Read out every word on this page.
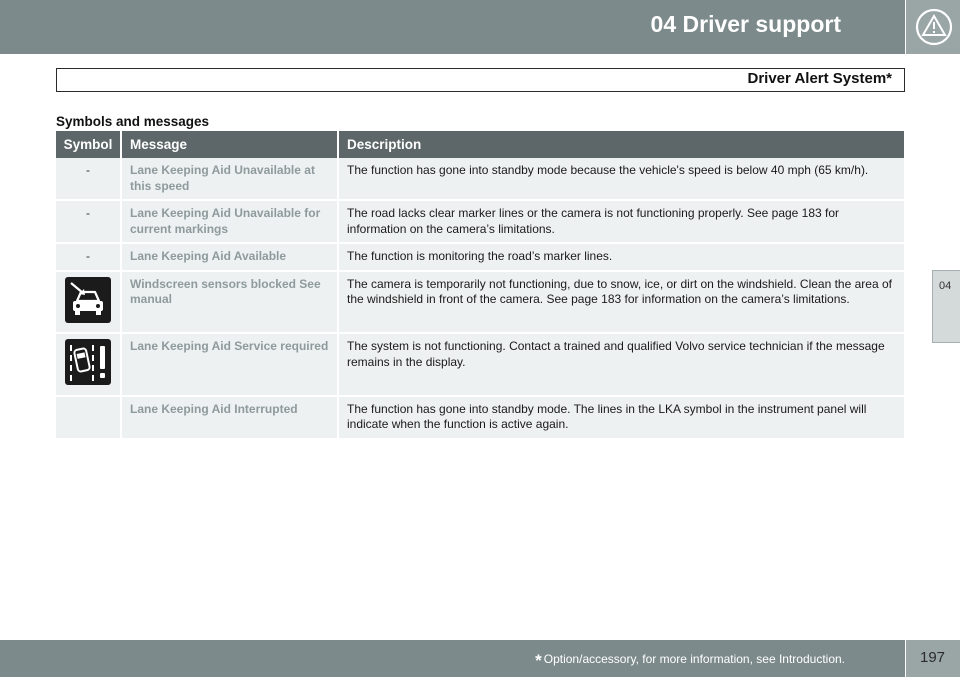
04 Driver support
Driver Alert System*
04
Symbols and messages
Symbol	Message	Description
-	Lane Keeping Aid Unavailable at this speed	The function has gone into standby mode because the vehicle's speed is below 40 mph (65 km/h).
-	Lane Keeping Aid Unavailable for current markings	The road lacks clear marker lines or the camera is not functioning properly. See page 183 for information on the camera’s limitations.
-	Lane Keeping Aid Available	The function is monitoring the road’s marker lines.
	Windscreen sensors blocked See manual	The camera is temporarily not functioning, due to snow, ice, or dirt on the windshield. Clean the area of the windshield in front of the camera. See page 183 for information on the camera’s limitations.
	Lane Keeping Aid Service required	The system is not functioning. Contact a trained and qualified Volvo service technician if the message remains in the display.
	Lane Keeping Aid Interrupted	The function has gone into standby mode. The lines in the LKA symbol in the instrument panel will indicate when the function is active again.
* Option/accessory, for more information, see Introduction.	197
